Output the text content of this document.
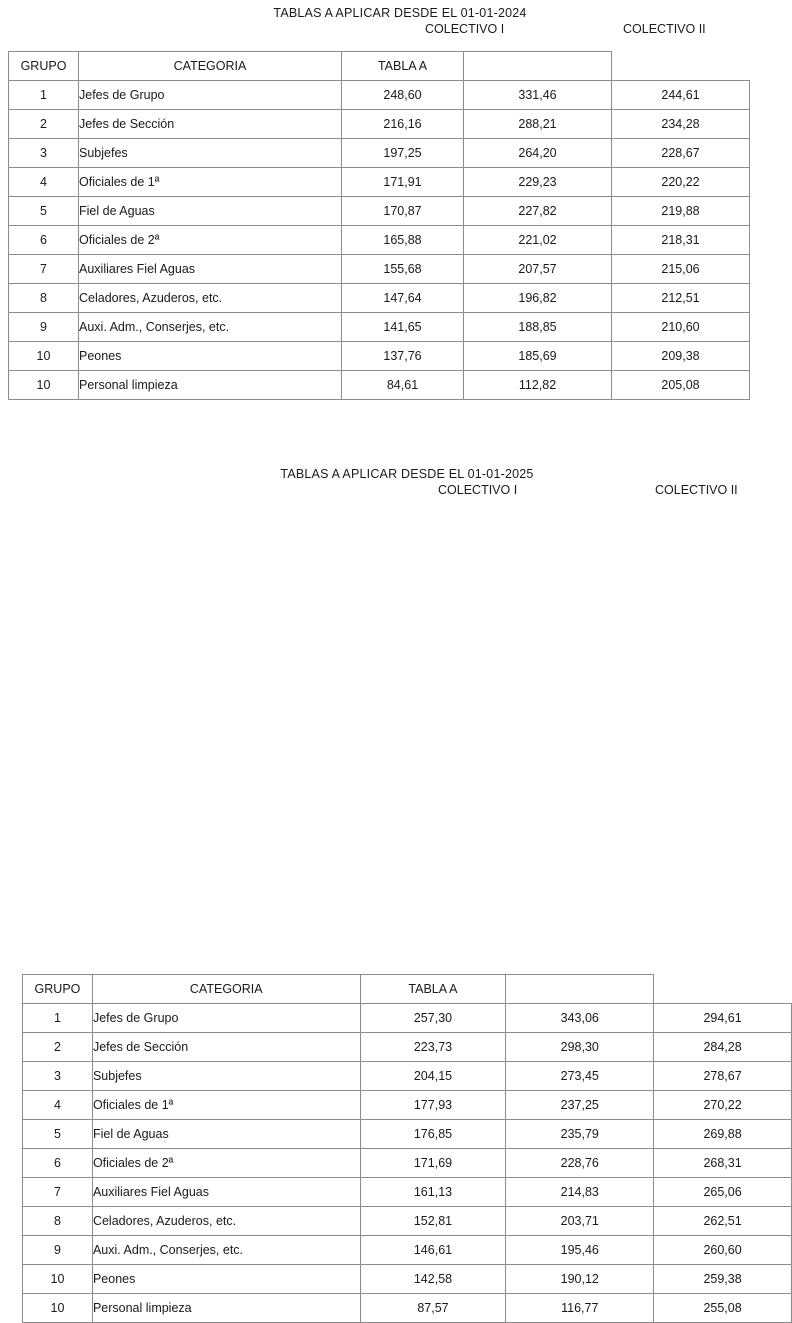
TABLAS A APLICAR DESDE EL 01-01-2024
COLECTIVO I	COLECTIVO II
GRUPO	CATEGORIA	TABLA A		
1	Jefes de Grupo	248,60	331,46	244,61
2	Jefes de Sección	216,16	288,21	234,28
3	Subjefes	197,25	264,20	228,67
4	Oficiales de 1ª	171,91	229,23	220,22
5	Fiel de Aguas	170,87	227,82	219,88
6	Oficiales de 2ª	165,88	221,02	218,31
7	Auxiliares Fiel Aguas	155,68	207,57	215,06
8	Celadores, Azuderos, etc.	147,64	196,82	212,51
9	Auxi. Adm., Conserjes, etc.	141,65	188,85	210,60
10	Peones	137,76	185,69	209,38
10	Personal limpieza	84,61	112,82	205,08
TABLAS A APLICAR DESDE EL 01-01-2025
COLECTIVO I	COLECTIVO II
GRUPO	CATEGORIA	TABLA A		
1	Jefes de Grupo	257,30	343,06	294,61
2	Jefes de Sección	223,73	298,30	284,28
3	Subjefes	204,15	273,45	278,67
4	Oficiales de 1ª	177,93	237,25	270,22
5	Fiel de Aguas	176,85	235,79	269,88
6	Oficiales de 2ª	171,69	228,76	268,31
7	Auxiliares Fiel Aguas	161,13	214,83	265,06
8	Celadores, Azuderos, etc.	152,81	203,71	262,51
9	Auxi. Adm., Conserjes, etc.	146,61	195,46	260,60
10	Peones	142,58	190,12	259,38
10	Personal limpieza	87,57	116,77	255,08
